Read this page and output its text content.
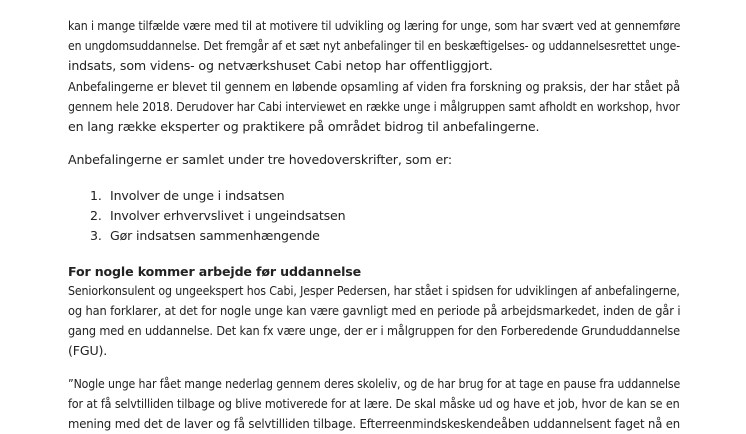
kan i mange tilfælde være med til at motivere til udvikling og læring for unge, som har svært ved at gennemføre
en ungdomsuddannelse. Det fremgår af et sæt nyt anbefalinger til en beskæftigelses- og uddannelsesrettet unge-
indsats, som videns- og netværkshuset Cabi netop har offentliggjort.
Anbefalingerne er blevet til gennem en løbende opsamling af viden fra forskning og praksis, der har stået på
gennem hele 2018. Derudover har Cabi interviewet en række unge i målgruppen samt afholdt en workshop, hvor
en lang række eksperter og praktikere på området bidrog til anbefalingerne.
Anbefalingerne er samlet under tre hovedoverskrifter, som er:
1. Involver de unge i indsatsen
2. Involver erhvervslivet i ungeindsatsen
3. Gør indsatsen sammenhængende
For nogle kommer arbejde før uddannelse
Seniorkonsulent og ungeekspert hos Cabi, Jesper Pedersen, har stået i spidsen for udviklingen af anbefalingerne,
og han forklarer, at det for nogle unge kan være gavnligt med en periode på arbejdsmarkedet, inden de går i
gang med en uddannelse. Det kan fx være unge, der er i målgruppen for den Forberedende Grunduddannelse
(FGU).
”Nogle unge har fået mange nederlag gennem deres skoleliv, og de har brug for at tage en pause fra uddannelse
for at få selvtilliden tilbage og blive motiverede for at lære. De skal måske ud og have et job, hvor de kan se en
mening med det de laver og få selvtilliden tilbage. Efterreenmindskeskendeåben uddannelsent faget nå en
